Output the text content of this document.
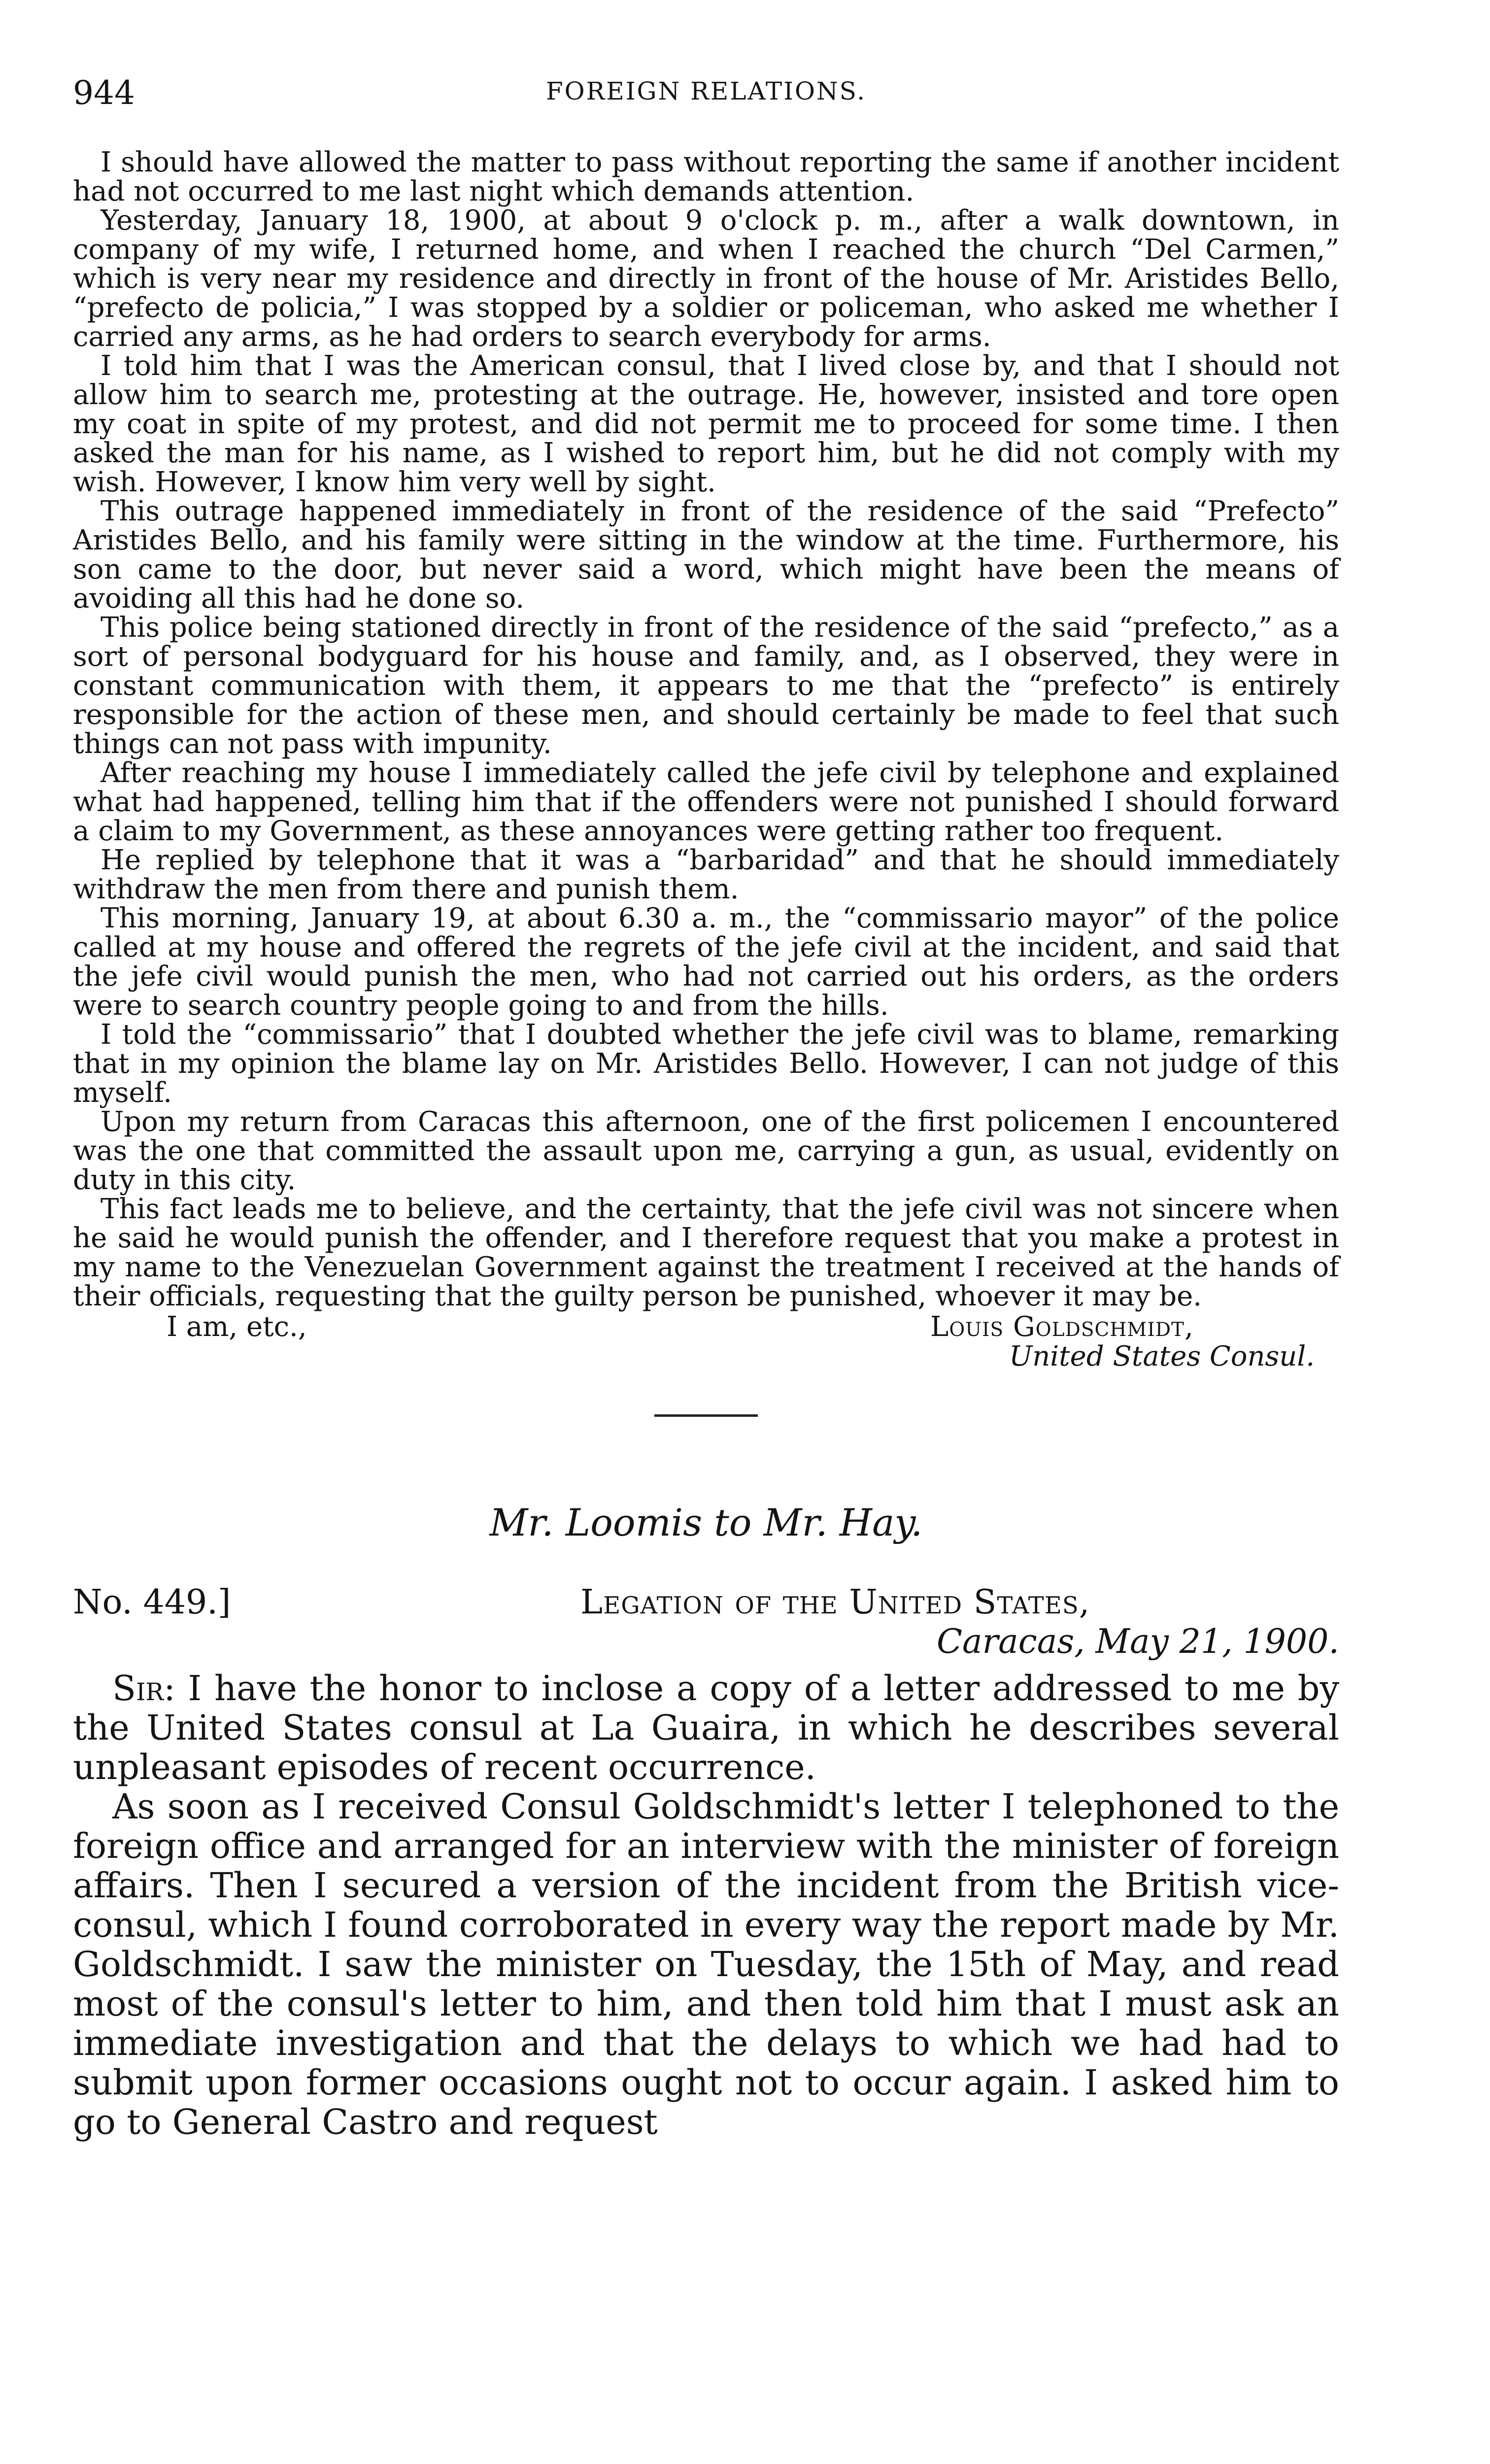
944	FOREIGN RELATIONS.

I should have allowed the matter to pass without reporting the same if another incident had not occurred to me last night which demands attention.

Yesterday, January 18, 1900, at about 9 o'clock p. m., after a walk downtown, in company of my wife, I returned home, and when I reached the church “Del Carmen,” which is very near my residence and directly in front of the house of Mr. Aristides Bello, “prefecto de policia,” I was stopped by a soldier or policeman, who asked me whether I carried any arms, as he had orders to search everybody for arms.

I told him that I was the American consul, that I lived close by, and that I should not allow him to search me, protesting at the outrage. He, however, insisted and tore open my coat in spite of my protest, and did not permit me to proceed for some time. I then asked the man for his name, as I wished to report him, but he did not comply with my wish. However, I know him very well by sight.

This outrage happened immediately in front of the residence of the said “Prefecto” Aristides Bello, and his family were sitting in the window at the time. Furthermore, his son came to the door, but never said a word, which might have been the means of avoiding all this had he done so.

This police being stationed directly in front of the residence of the said “prefecto,” as a sort of personal bodyguard for his house and family, and, as I observed, they were in constant communication with them, it appears to me that the “prefecto” is entirely responsible for the action of these men, and should certainly be made to feel that such things can not pass with impunity.

After reaching my house I immediately called the jefe civil by telephone and explained what had happened, telling him that if the offenders were not punished I should forward a claim to my Government, as these annoyances were getting rather too frequent.

He replied by telephone that it was a “barbaridad” and that he should immediately withdraw the men from there and punish them.

This morning, January 19, at about 6.30 a. m., the “commissario mayor” of the police called at my house and offered the regrets of the jefe civil at the incident, and said that the jefe civil would punish the men, who had not carried out his orders, as the orders were to search country people going to and from the hills.

I told the “commissario” that I doubted whether the jefe civil was to blame, remarking that in my opinion the blame lay on Mr. Aristides Bello. However, I can not judge of this myself.

Upon my return from Caracas this afternoon, one of the first policemen I encountered was the one that committed the assault upon me, carrying a gun, as usual, evidently on duty in this city.

This fact leads me to believe, and the certainty, that the jefe civil was not sincere when he said he would punish the offender, and I therefore request that you make a protest in my name to the Venezuelan Government against the treatment I received at the hands of their officials, requesting that the guilty person be punished, whoever it may be.

I am, etc.,	Louis Goldschmidt,
United States Consul.
Mr. Loomis to Mr. Hay.
No. 449.]	Legation of the United States,
Caracas, May 21, 1900.

Sir: I have the honor to inclose a copy of a letter addressed to me by the United States consul at La Guaira, in which he describes several unpleasant episodes of recent occurrence.

As soon as I received Consul Goldschmidt's letter I telephoned to the foreign office and arranged for an interview with the minister of foreign affairs. Then I secured a version of the incident from the British vice-consul, which I found corroborated in every way the report made by Mr. Goldschmidt. I saw the minister on Tuesday, the 15th of May, and read most of the consul's letter to him, and then told him that I must ask an immediate investigation and that the delays to which we had had to submit upon former occasions ought not to occur again. I asked him to go to General Castro and request
